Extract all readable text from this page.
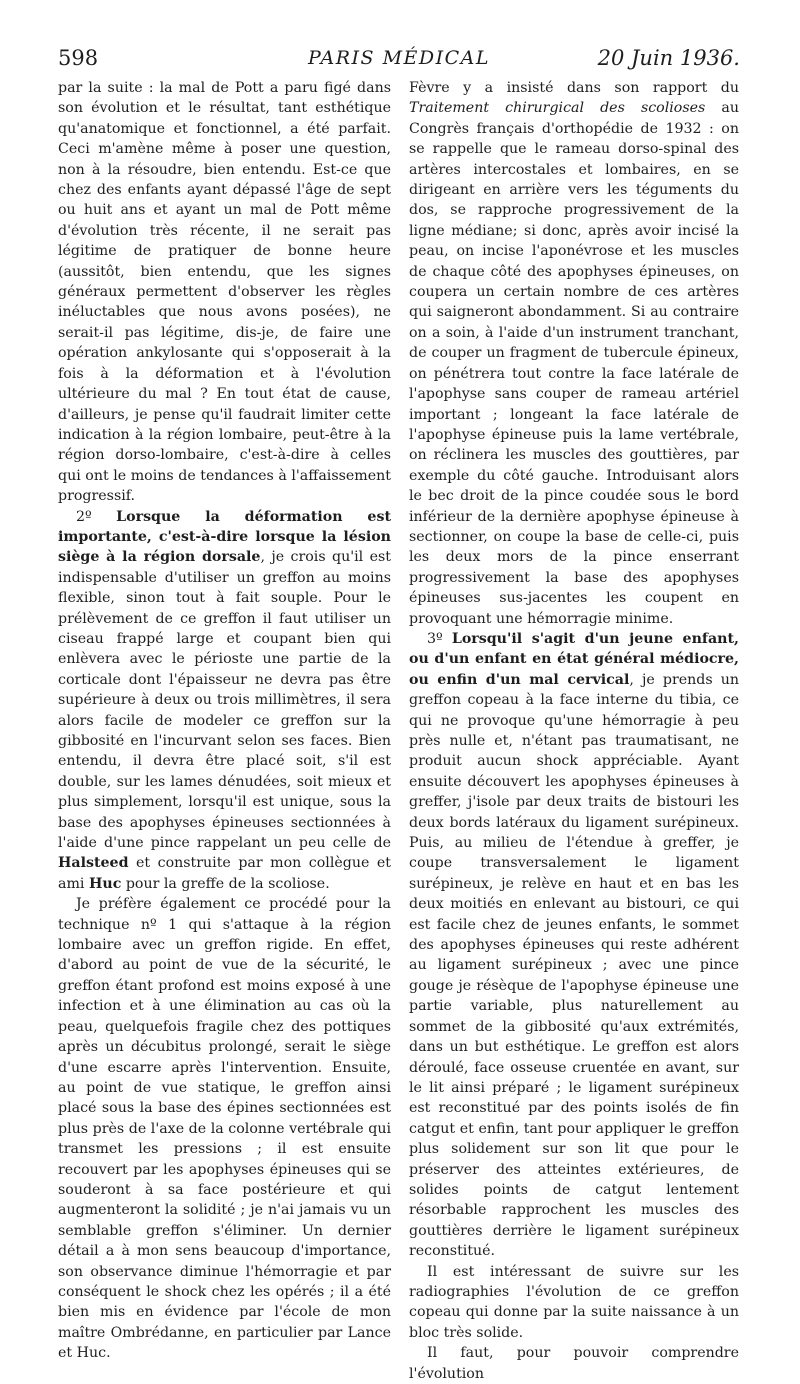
598	PARIS MÉDICAL	20 Juin 1936.

par la suite : la mal de Pott a paru figé dans son évolution et le résultat, tant esthétique qu'anatomique et fonctionnel, a été parfait. Ceci m'amène même à poser une question, non à la résoudre, bien entendu. Est-ce que chez des enfants ayant dépassé l'âge de sept ou huit ans et ayant un mal de Pott même d'évolution très récente, il ne serait pas légitime de pratiquer de bonne heure (aussitôt, bien entendu, que les signes généraux permettent d'observer les règles inéluctables que nous avons posées), ne serait-il pas légitime, dis-je, de faire une opération ankylosante qui s'opposerait à la fois à la déformation et à l'évolution ultérieure du mal ? En tout état de cause, d'ailleurs, je pense qu'il faudrait limiter cette indication à la région lombaire, peut-être à la région dorso-lombaire, c'est-à-dire à celles qui ont le moins de tendances à l'affaissement progressif.

2º Lorsque la déformation est importante, c'est-à-dire lorsque la lésion siège à la région dorsale, je crois qu'il est indispensable d'utiliser un greffon au moins flexible, sinon tout à fait souple. Pour le prélèvement de ce greffon il faut utiliser un ciseau frappé large et coupant bien qui enlèvera avec le périoste une partie de la corticale dont l'épaisseur ne devra pas être supérieure à deux ou trois millimètres, il sera alors facile de modeler ce greffon sur la gibbosité en l'incurvant selon ses faces. Bien entendu, il devra être placé soit, s'il est double, sur les lames dénudées, soit mieux et plus simplement, lorsqu'il est unique, sous la base des apophyses épineuses sectionnées à l'aide d'une pince rappelant un peu celle de Halsteed et construite par mon collègue et ami Huc pour la greffe de la scoliose.

Je préfère également ce procédé pour la technique nº 1 qui s'attaque à la région lombaire avec un greffon rigide. En effet, d'abord au point de vue de la sécurité, le greffon étant profond est moins exposé à une infection et à une élimination au cas où la peau, quelquefois fragile chez des pottiques après un décubitus prolongé, serait le siège d'une escarre après l'intervention. Ensuite, au point de vue statique, le greffon ainsi placé sous la base des épines sectionnées est plus près de l'axe de la colonne vertébrale qui transmet les pressions ; il est ensuite recouvert par les apophyses épineuses qui se souderont à sa face postérieure et qui augmenteront la solidité ; je n'ai jamais vu un semblable greffon s'éliminer. Un dernier détail a à mon sens beaucoup d'importance, son observance diminue l'hémorragie et par conséquent le shock chez les opérés ; il a été bien mis en évidence par l'école de mon maître Ombrédanne, en particulier par Lance et Huc.

Fèvre y a insisté dans son rapport du Traitement chirurgical des scolioses au Congrès français d'orthopédie de 1932 : on se rappelle que le rameau dorso-spinal des artères intercostales et lombaires, en se dirigeant en arrière vers les téguments du dos, se rapproche progressivement de la ligne médiane; si donc, après avoir incisé la peau, on incise l'aponévrose et les muscles de chaque côté des apophyses épineuses, on coupera un certain nombre de ces artères qui saigneront abondamment. Si au contraire on a soin, à l'aide d'un instrument tranchant, de couper un fragment de tubercule épineux, on pénétrera tout contre la face latérale de l'apophyse sans couper de rameau artériel important ; longeant la face latérale de l'apophyse épineuse puis la lame vertébrale, on réclinera les muscles des gouttières, par exemple du côté gauche. Introduisant alors le bec droit de la pince coudée sous le bord inférieur de la dernière apophyse épineuse à sectionner, on coupe la base de celle-ci, puis les deux mors de la pince enserrant progressivement la base des apophyses épineuses sus-jacentes les coupent en provoquant une hémorragie minime.

3º Lorsqu'il s'agit d'un jeune enfant, ou d'un enfant en état général médiocre, ou enfin d'un mal cervical, je prends un greffon copeau à la face interne du tibia, ce qui ne provoque qu'une hémorragie à peu près nulle et, n'étant pas traumatisant, ne produit aucun shock appréciable. Ayant ensuite découvert les apophyses épineuses à greffer, j'isole par deux traits de bistouri les deux bords latéraux du ligament surépineux. Puis, au milieu de l'étendue à greffer, je coupe transversalement le ligament surépineux, je relève en haut et en bas les deux moitiés en enlevant au bistouri, ce qui est facile chez de jeunes enfants, le sommet des apophyses épineuses qui reste adhérent au ligament surépineux ; avec une pince gouge je résèque de l'apophyse épineuse une partie variable, plus naturellement au sommet de la gibbosité qu'aux extrémités, dans un but esthétique. Le greffon est alors déroulé, face osseuse cruentée en avant, sur le lit ainsi préparé ; le ligament surépineux est reconstitué par des points isolés de fin catgut et enfin, tant pour appliquer le greffon plus solidement sur son lit que pour le préserver des atteintes extérieures, de solides points de catgut lentement résorbable rapprochent les muscles des gouttières derrière le ligament surépineux reconstitué.

Il est intéressant de suivre sur les radiographies l'évolution de ce greffon copeau qui donne par la suite naissance à un bloc très solide.

Il faut, pour pouvoir comprendre l'évolution
